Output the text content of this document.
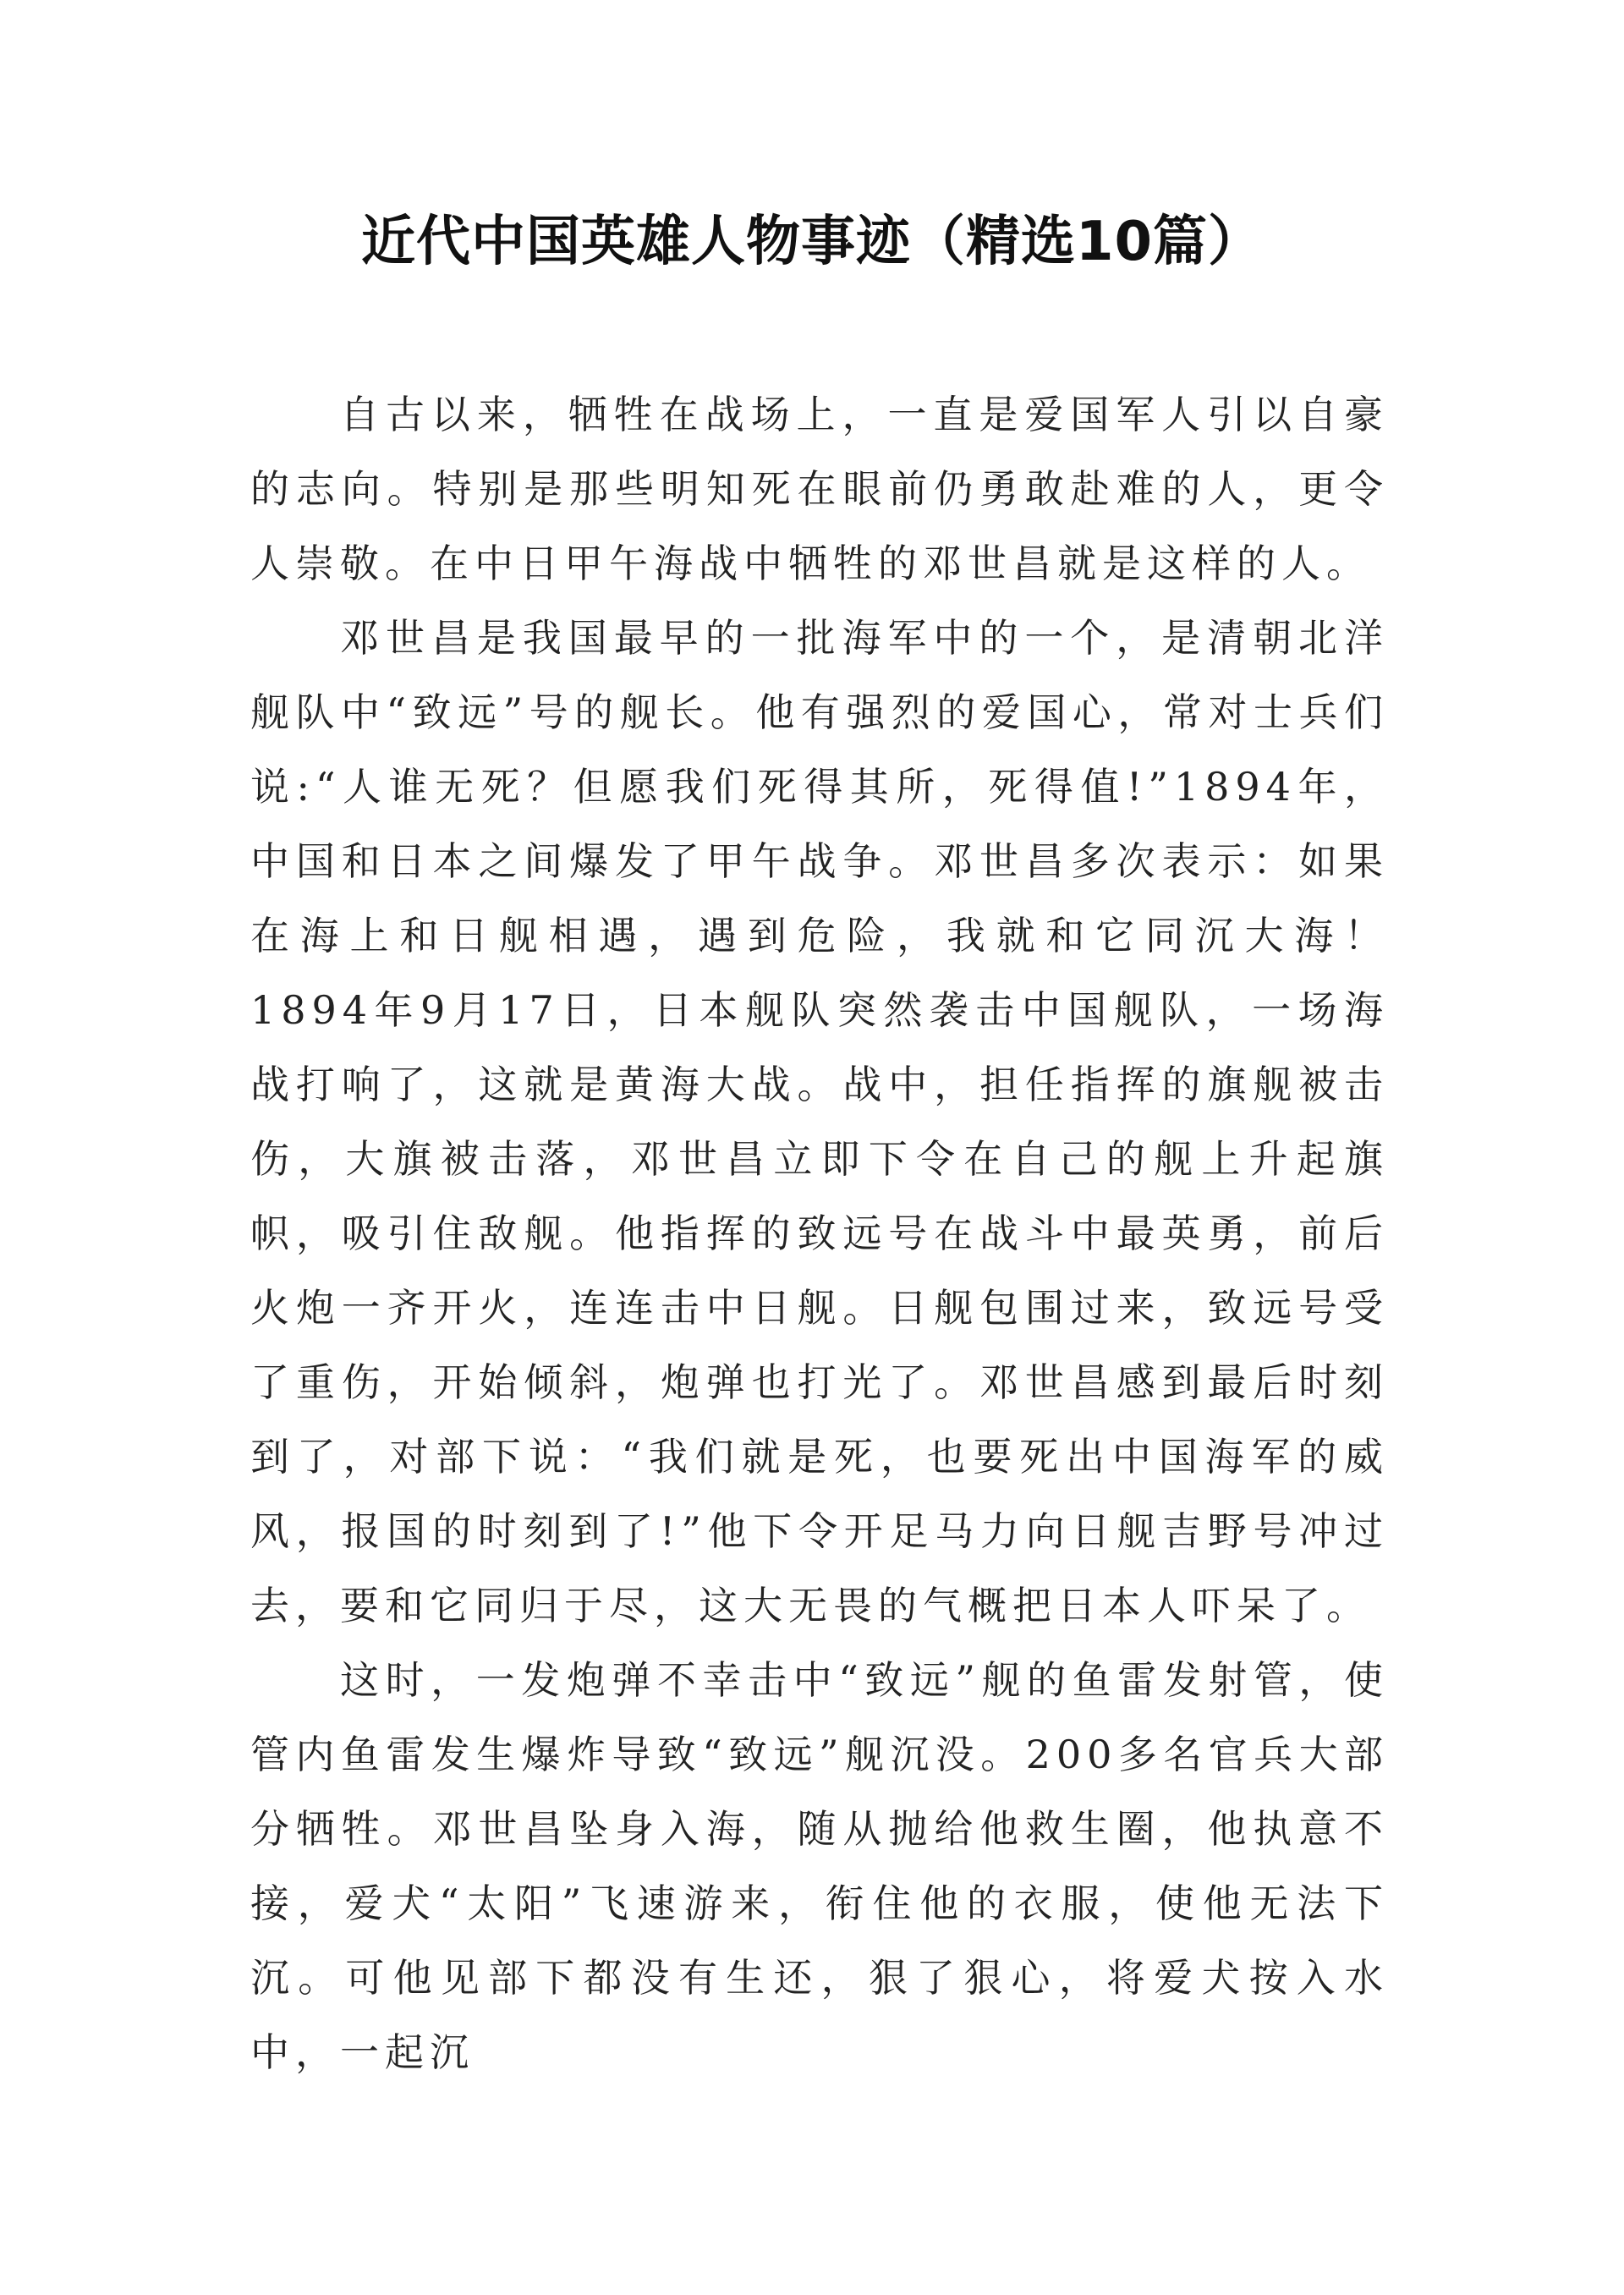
近代中国英雄人物事迹（精选10篇）

自古以来，牺牲在战场上，一直是爱国军人引以自豪的志向。特别是那些明知死在眼前仍勇敢赴难的人，更令人崇敬。在中日甲午海战中牺牲的邓世昌就是这样的人。

邓世昌是我国最早的一批海军中的一个，是清朝北洋舰队中“致远”号的舰长。他有强烈的爱国心，常对士兵们说:“人谁无死？但愿我们死得其所，死得值!”1894年，中国和日本之间爆发了甲午战争。邓世昌多次表示：如果在海上和日舰相遇，遇到危险，我就和它同沉大海！1894年9月17日，日本舰队突然袭击中国舰队，一场海战打响了，这就是黄海大战。战中，担任指挥的旗舰被击伤，大旗被击落，邓世昌立即下令在自己的舰上升起旗帜，吸引住敌舰。他指挥的致远号在战斗中最英勇，前后火炮一齐开火，连连击中日舰。日舰包围过来，致远号受了重伤，开始倾斜，炮弹也打光了。邓世昌感到最后时刻到了，对部下说：“我们就是死，也要死出中国海军的威风，报国的时刻到了!”他下令开足马力向日舰吉野号冲过去，要和它同归于尽，这大无畏的气概把日本人吓呆了。

这时，一发炮弹不幸击中“致远”舰的鱼雷发射管，使管内鱼雷发生爆炸导致“致远”舰沉没。200多名官兵大部分牺牲。邓世昌坠身入海，随从抛给他救生圈，他执意不接，爱犬“太阳”飞速游来，衔住他的衣服，使他无法下沉。可他见部下都没有生还，狠了狠心，将爱犬按入水中，一起沉
